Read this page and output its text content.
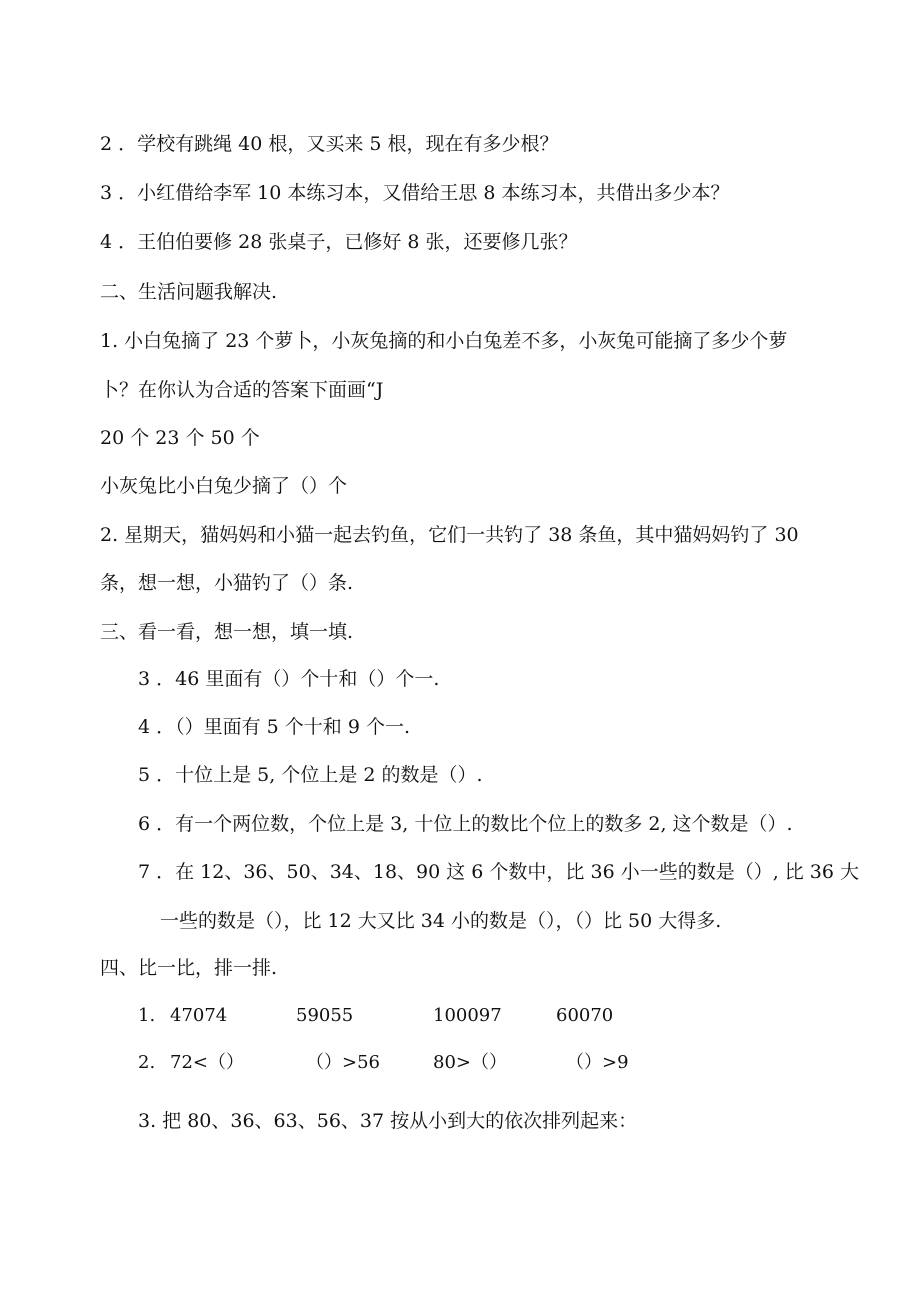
2 ．学校有跳绳 40 根，又买来 5 根，现在有多少根？
3 ．小红借给李军 10 本练习本，又借给王思 8 本练习本，共借出多少本？
4 ．王伯伯要修 28 张桌子，已修好 8 张，还要修几张？
二、生活问题我解决.
1. 小白兔摘了 23 个萝卜，小灰兔摘的和小白兔差不多，小灰兔可能摘了多少个萝
卜？在你认为合适的答案下面画“J
20 个 23 个 50 个
小灰兔比小白兔少摘了（）个
2. 星期天，猫妈妈和小猫一起去钓鱼，它们一共钓了 38 条鱼，其中猫妈妈钓了 30
条，想一想，小猫钓了（）条.
三、看一看，想一想，填一填.
3 ．46 里面有（）个十和（）个一.
4 ．（）里面有 5 个十和 9 个一.
5 ．十位上是 5, 个位上是 2 的数是（）.
6 ．有一个两位数，个位上是 3, 十位上的数比个位上的数多 2, 这个数是（）.
7 ．在 12、36、50、34、18、90 这 6 个数中，比 36 小一些的数是（）, 比 36 大
一些的数是（），比 12 大又比 34 小的数是（），（）比 50 大得多.
四、比一比，排一排.
1. 47074	59055	100097	60070
2. 72<（）	（）>56	80>（）	（）>9
3. 把 80、36、63、56、37 按从小到大的依次排列起来：
